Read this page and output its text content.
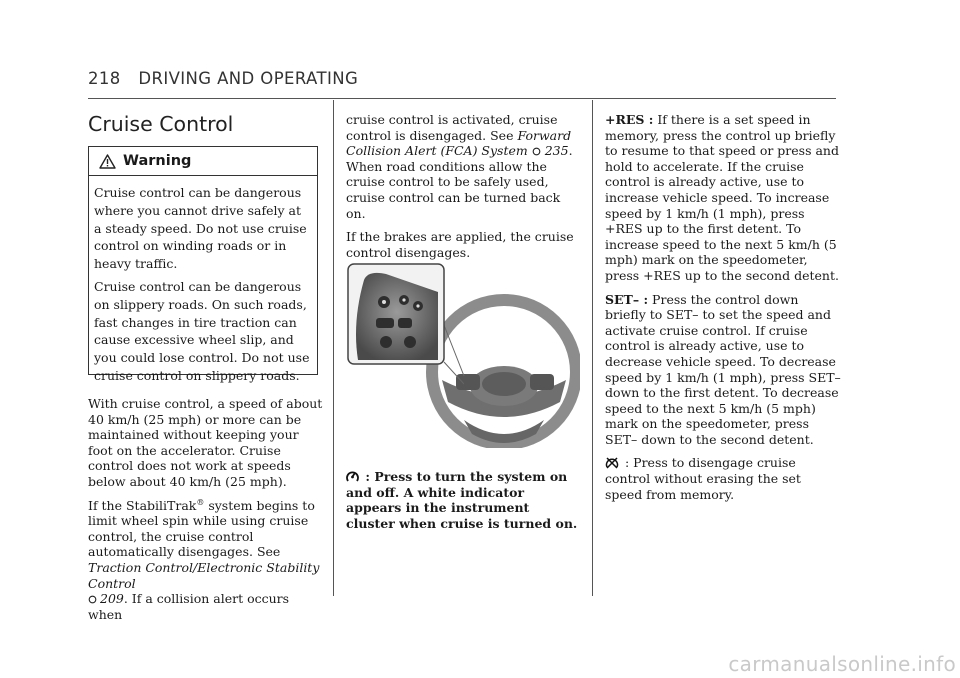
218 DRIVING AND OPERATING
Cruise Control
Warning

Cruise control can be dangerous where you cannot drive safely at a steady speed. Do not use cruise control on winding roads or in heavy traffic.

Cruise control can be dangerous on slippery roads. On such roads, fast changes in tire traction can cause excessive wheel slip, and you could lose control. Do not use cruise control on slippery roads.

With cruise control, a speed of about 40 km/h (25 mph) or more can be maintained without keeping your foot on the accelerator. Cruise control does not work at speeds below about 40 km/h (25 mph).

If the StabiliTrak® system begins to limit wheel spin while using cruise control, the cruise control automatically disengages. See Traction Control/Electronic Stability Control
209. If a collision alert occurs when

cruise control is activated, cruise control is disengaged. See Forward Collision Alert (FCA) System 235. When road conditions allow the cruise control to be safely used, cruise control can be turned back on.

If the brakes are applied, the cruise control disengages.

: Press to turn the system on and off. A white indicator appears in the instrument cluster when cruise is turned on.

+RES : If there is a set speed in memory, press the control up briefly to resume to that speed or press and hold to accelerate. If the cruise control is already active, use to increase vehicle speed. To increase speed by 1 km/h (1 mph), press +RES up to the first detent. To increase speed to the next 5 km/h (5 mph) mark on the speedometer, press +RES up to the second detent.

SET– : Press the control down briefly to SET– to set the speed and activate cruise control. If cruise control is already active, use to decrease vehicle speed. To decrease speed by 1 km/h (1 mph), press SET– down to the first detent. To decrease speed to the next 5 km/h (5 mph) mark on the speedometer, press SET– down to the second detent.

: Press to disengage cruise control without erasing the set speed from memory.

carmanualsonline.info
